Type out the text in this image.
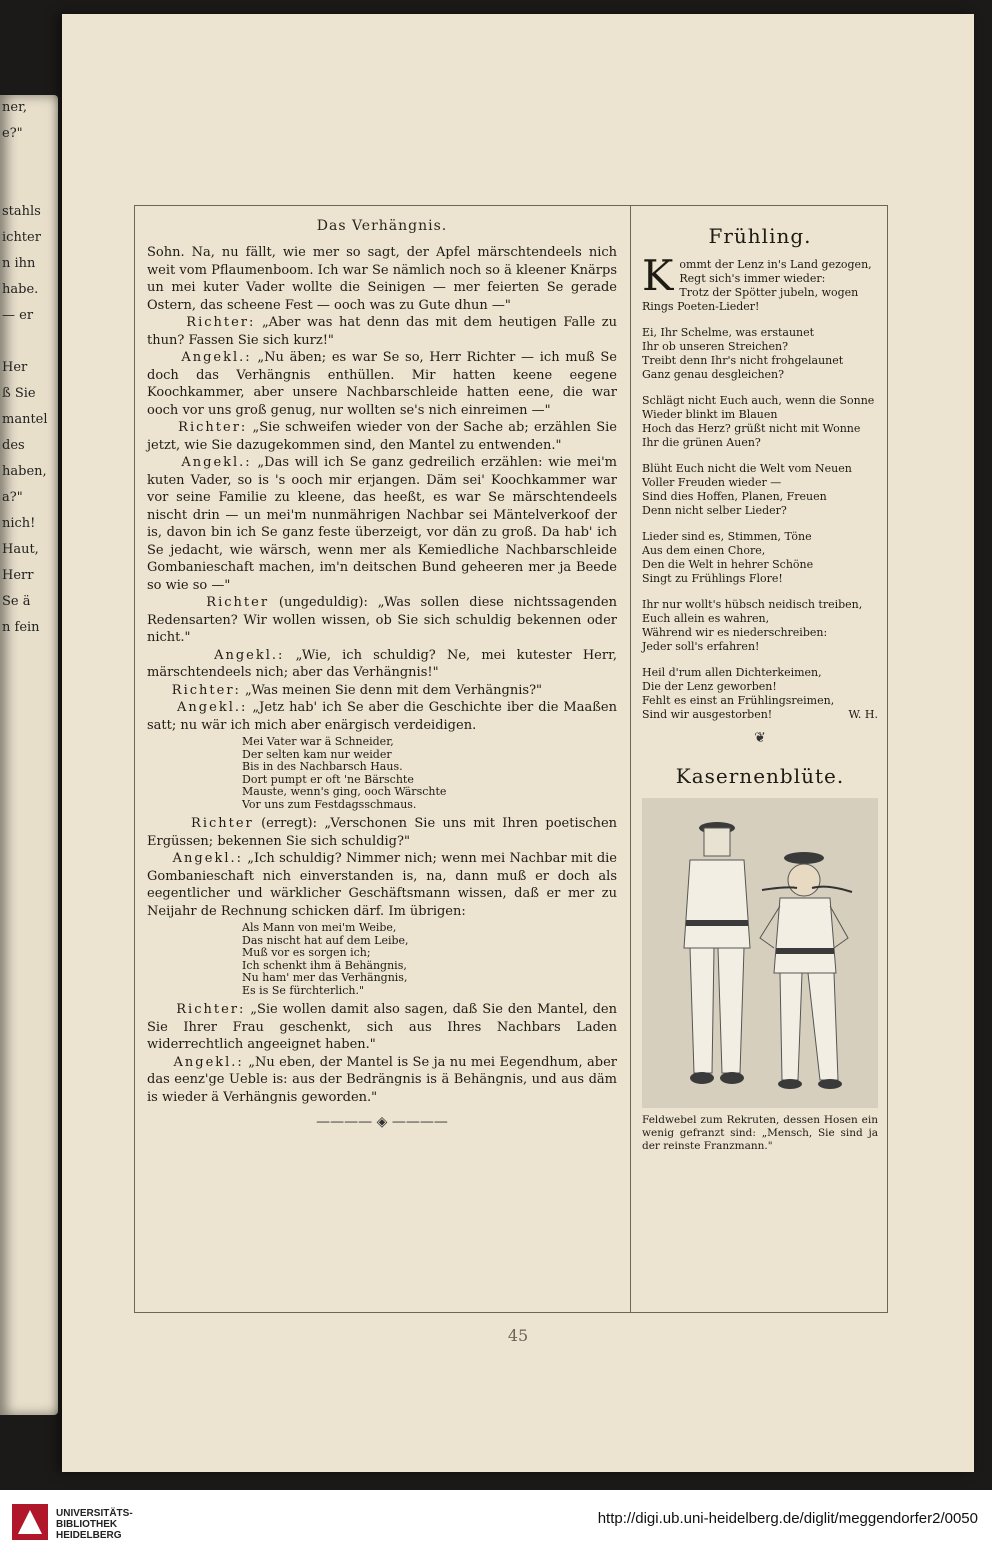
ner,
e?"

stahls
ichter
n ihn
habe.
— er

Her
ß Sie
mantel
des
haben,
a?"
nich!
Haut,
Herr
Se ä
n fein
Das Verhängnis.

Sohn. Na, nu fällt, wie mer so sagt, der Apfel märschtendeels nich weit vom Pflaumenboom. Ich war Se nämlich noch so ä kleener Knärps un mei kuter Vader wollte die Seinigen — mer feierten Se gerade Ostern, das scheene Fest — ooch was zu Gute dhun —"

Richter: „Aber was hat denn das mit dem heutigen Falle zu thun? Fassen Sie sich kurz!"

Angekl.: „Nu äben; es war Se so, Herr Richter — ich muß Se doch das Verhängnis enthüllen. Mir hatten keene eegene Koochkammer, aber unsere Nachbarschleide hatten eene, die war ooch vor uns groß genug, nur wollten se's nich einreimen —"

Richter: „Sie schweifen wieder von der Sache ab; erzählen Sie jetzt, wie Sie dazugekommen sind, den Mantel zu entwenden."

Angekl.: „Das will ich Se ganz gedreilich erzählen: wie mei'm kuten Vader, so is 's ooch mir erjangen. Däm sei' Koochkammer war vor seine Familie zu kleene, das heeßt, es war Se märschtendeels nischt drin — un mei'm nunmährigen Nachbar sei Mäntelverkoof der is, davon bin ich Se ganz feste überzeigt, vor dän zu groß. Da hab' ich Se jedacht, wie wärsch, wenn mer als Kemiedliche Nachbarschleide Gombanieschaft machen, im'n deitschen Bund geheeren mer ja Beede so wie so —"

Richter (ungeduldig): „Was sollen diese nichtssagenden Redensarten? Wir wollen wissen, ob Sie sich schuldig bekennen oder nicht."

Angekl.: „Wie, ich schuldig? Ne, mei kutester Herr, märschtendeels nich; aber das Verhängnis!"

Richter: „Was meinen Sie denn mit dem Verhängnis?"

Angekl.: „Jetz hab' ich Se aber die Geschichte iber die Maaßen satt; nu wär ich mich aber enärgisch verdeidigen.

Mei Vater war ä Schneider,
Der selten kam nur weider
Bis in des Nachbarsch Haus.
Dort pumpt er oft 'ne Bärschte
Mauste, wenn's ging, ooch Wärschte
Vor uns zum Festdagsschmaus.

Richter (erregt): „Verschonen Sie uns mit Ihren poetischen Ergüssen; bekennen Sie sich schuldig?"

Angekl.: „Ich schuldig? Nimmer nich; wenn mei Nachbar mit die Gombanieschaft nich einverstanden is, na, dann muß er doch als eegentlicher und wärklicher Geschäftsmann wissen, daß er mer zu Neijahr de Rechnung schicken därf. Im übrigen:

Als Mann von mei'm Weibe,
Das nischt hat auf dem Leibe,
Muß vor es sorgen ich;
Ich schenkt ihm ä Behängnis,
Nu ham' mer das Verhängnis,
Es is Se fürchterlich."

Richter: „Sie wollen damit also sagen, daß Sie den Mantel, den Sie Ihrer Frau geschenkt, sich aus Ihres Nachbars Laden widerrechtlich angeeignet haben."

Angekl.: „Nu eben, der Mantel is Se ja nu mei Eegendhum, aber das eenz'ge Ueble is: aus der Bedrängnis is ä Behängnis, und aus däm is wieder ä Verhängnis geworden."

———— ◈ ————
Frühling.
Kommt der Lenz in's Land gezogen,
Regt sich's immer wieder:
Trotz der Spötter jubeln, wogen
Rings Poeten-Lieder!
Ei, Ihr Schelme, was erstaunet
Ihr ob unseren Streichen?
Treibt denn Ihr's nicht frohgelaunet
Ganz genau desgleichen?
Schlägt nicht Euch auch, wenn die Sonne
Wieder blinkt im Blauen
Hoch das Herz? grüßt nicht mit Wonne
Ihr die grünen Auen?
Blüht Euch nicht die Welt vom Neuen
Voller Freuden wieder —
Sind dies Hoffen, Planen, Freuen
Denn nicht selber Lieder?
Lieder sind es, Stimmen, Töne
Aus dem einen Chore,
Den die Welt in hehrer Schöne
Singt zu Frühlings Flore!
Ihr nur wollt's hübsch neidisch treiben,
Euch allein es wahren,
Während wir es niederschreiben:
Jeder soll's erfahren!
Heil d'rum allen Dichterkeimen,
Die der Lenz geworben!
Fehlt es einst an Frühlingsreimen,
Sind wir ausgestorben!	W. H.
❦
Kasernenblüte.
Feldwebel zum Rekruten, dessen Hosen ein wenig gefranzt sind: „Mensch, Sie sind ja der reinste Franzmann."
45
UNIVERSITÄTS-
BIBLIOTHEK
HEIDELBERG
http://digi.ub.uni-heidelberg.de/diglit/meggendorfer2/0050
